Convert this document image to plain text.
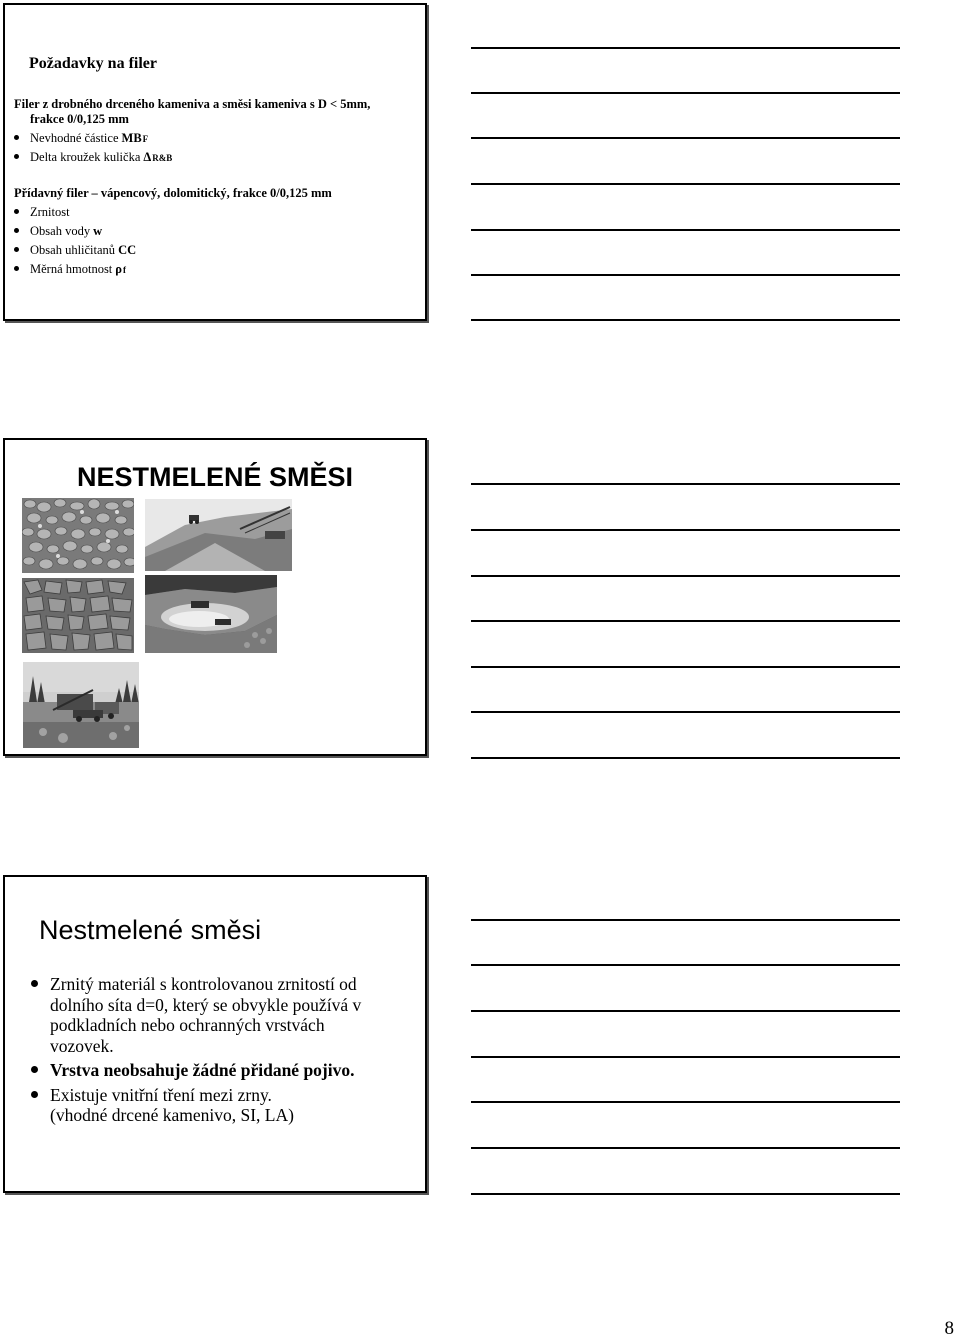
Požadavky na filer
Filer z drobného drceného kameniva a směsi kameniva s D < 5mm,
frakce 0/0,125 mm
Nevhodné částice MB F
Delta kroužek kulička Δ R&B
Přídavný filer – vápencový, dolomitický, frakce 0/0,125 mm
Zrnitost
Obsah vody w
Obsah uhličitanů CC
Měrná hmotnost ρ f
NESTMELENÉ SMĚSI
Nestmelené směsi
Zrnitý materiál s kontrolovanou zrnitostí od
dolního síta d=0, který se obvykle používá v
podkladních nebo ochranných vrstvách
vozovek.
Vrstva neobsahuje žádné přidané pojivo.
Existuje vnitřní tření mezi zrny.
(vhodné drcené kamenivo, SI, LA)
8
